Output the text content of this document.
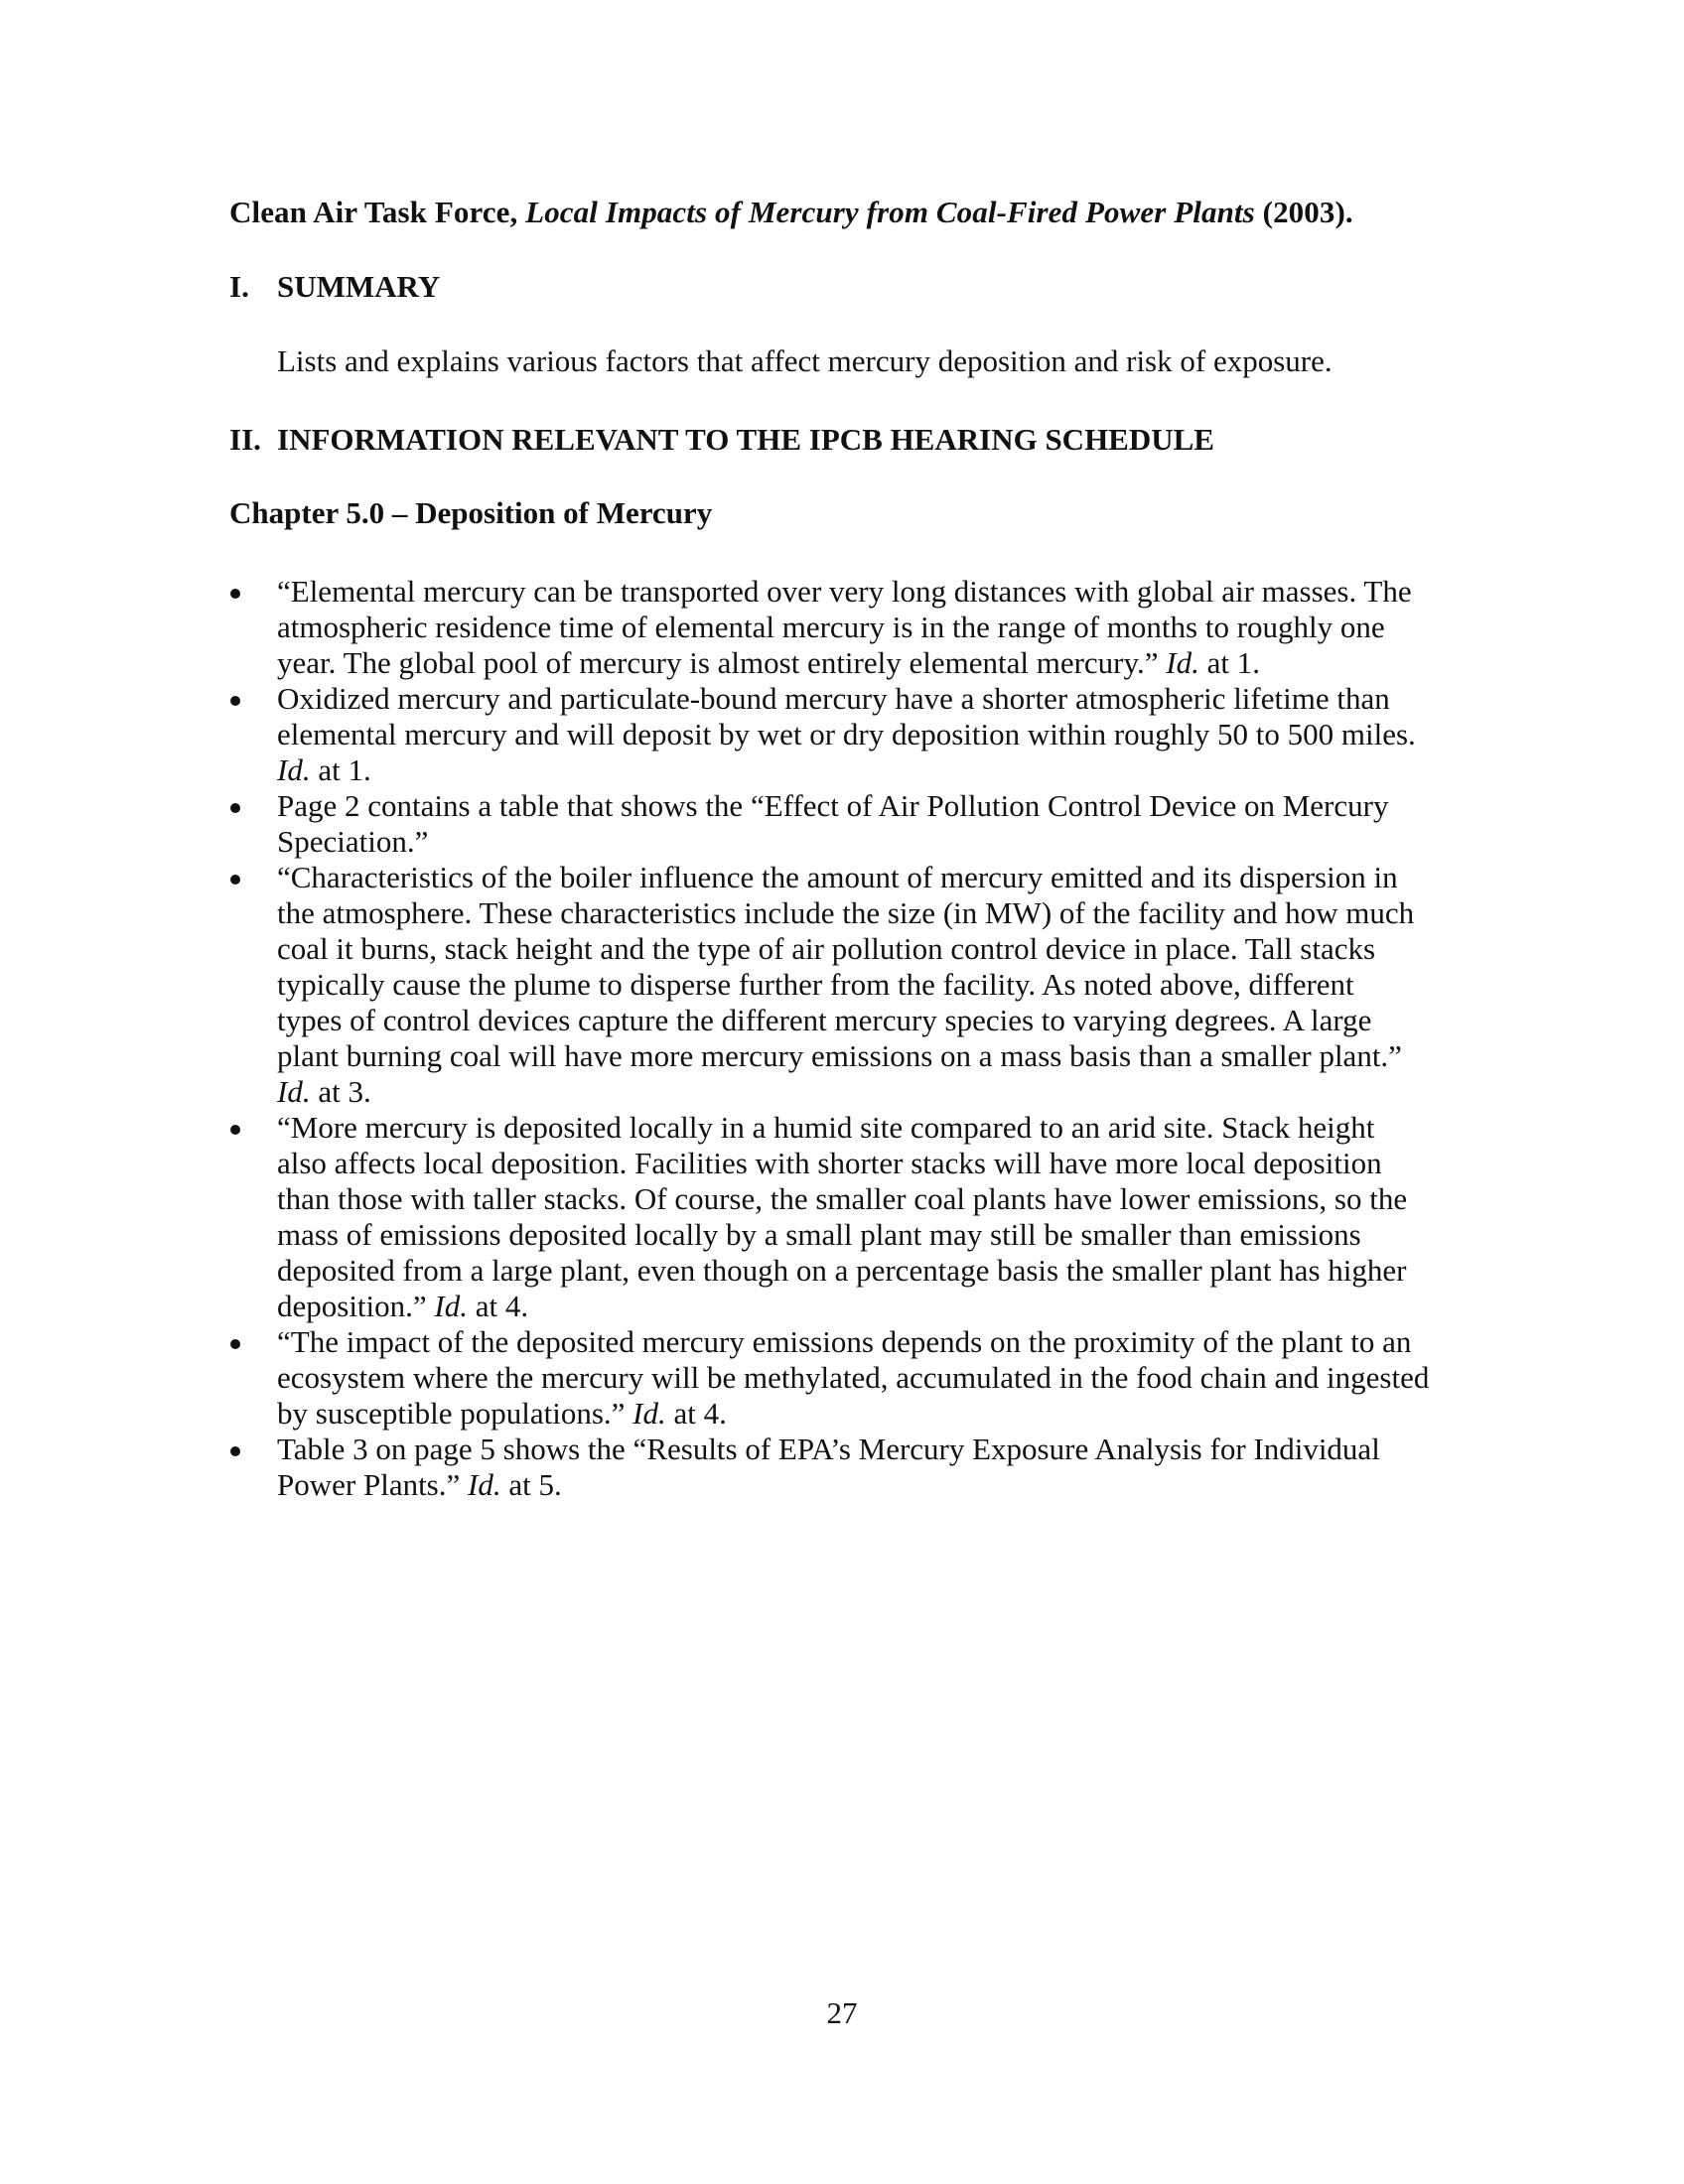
Clean Air Task Force, Local Impacts of Mercury from Coal-Fired Power Plants (2003).
I. SUMMARY
Lists and explains various factors that affect mercury deposition and risk of exposure.
II. INFORMATION RELEVANT TO THE IPCB HEARING SCHEDULE
Chapter 5.0 – Deposition of Mercury
“Elemental mercury can be transported over very long distances with global air masses. The
atmospheric residence time of elemental mercury is in the range of months to roughly one
year. The global pool of mercury is almost entirely elemental mercury.” Id. at 1.
Oxidized mercury and particulate-bound mercury have a shorter atmospheric lifetime than
elemental mercury and will deposit by wet or dry deposition within roughly 50 to 500 miles.
Id. at 1.
Page 2 contains a table that shows the “Effect of Air Pollution Control Device on Mercury
Speciation.”
“Characteristics of the boiler influence the amount of mercury emitted and its dispersion in
the atmosphere. These characteristics include the size (in MW) of the facility and how much
coal it burns, stack height and the type of air pollution control device in place. Tall stacks
typically cause the plume to disperse further from the facility. As noted above, different
types of control devices capture the different mercury species to varying degrees. A large
plant burning coal will have more mercury emissions on a mass basis than a smaller plant.”
Id. at 3.
“More mercury is deposited locally in a humid site compared to an arid site. Stack height
also affects local deposition. Facilities with shorter stacks will have more local deposition
than those with taller stacks. Of course, the smaller coal plants have lower emissions, so the
mass of emissions deposited locally by a small plant may still be smaller than emissions
deposited from a large plant, even though on a percentage basis the smaller plant has higher
deposition.” Id. at 4.
“The impact of the deposited mercury emissions depends on the proximity of the plant to an
ecosystem where the mercury will be methylated, accumulated in the food chain and ingested
by susceptible populations.” Id. at 4.
Table 3 on page 5 shows the “Results of EPA’s Mercury Exposure Analysis for Individual
Power Plants.” Id. at 5.
27
